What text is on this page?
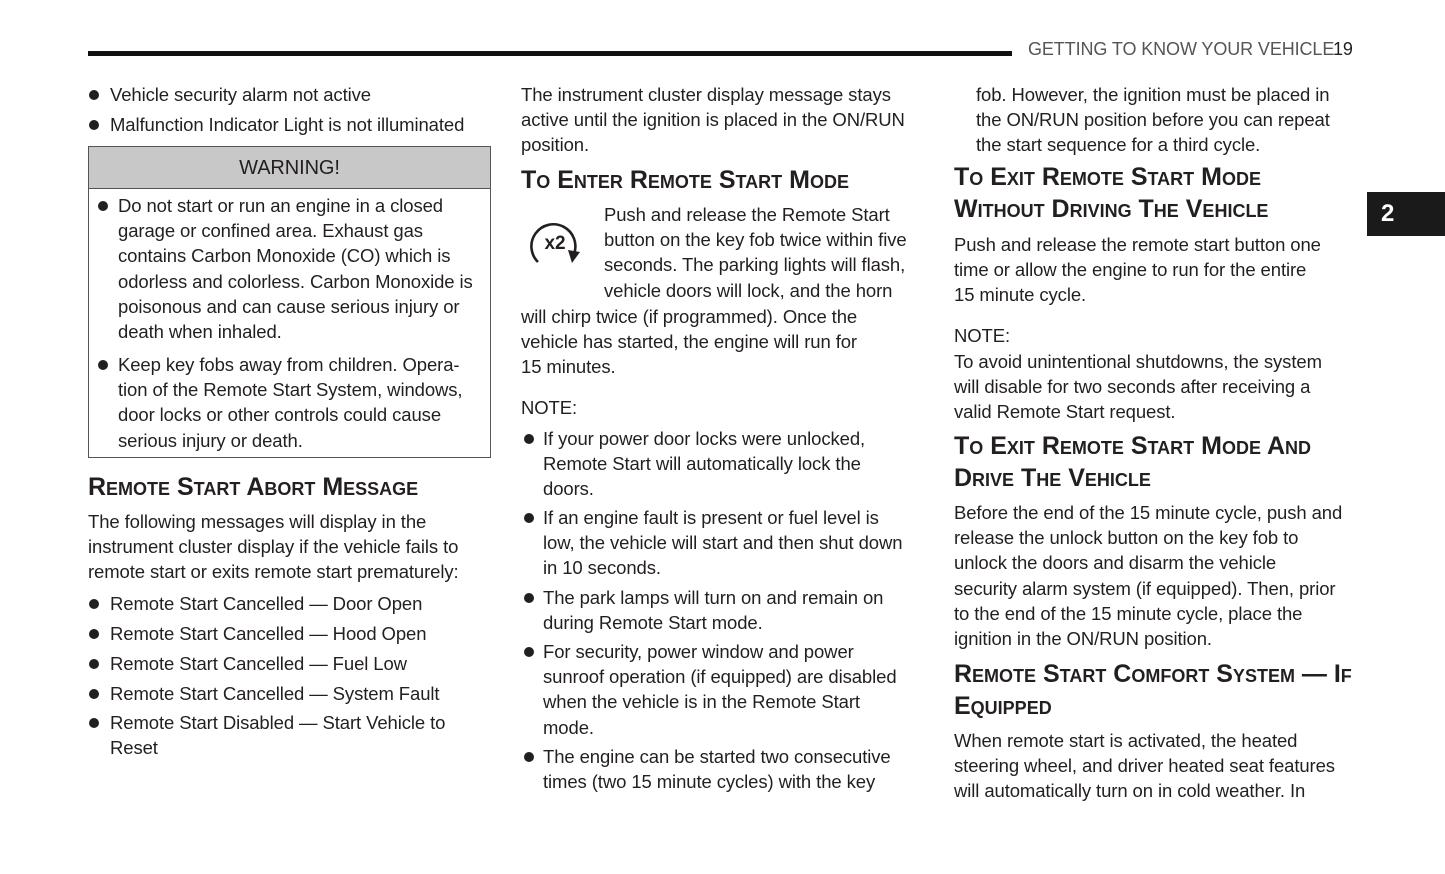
GETTING TO KNOW YOUR VEHICLE
19
2
Vehicle security alarm not active
Malfunction Indicator Light is not illuminated
WARNING!
Do not start or run an engine in a closed
garage or confined area. Exhaust gas
contains Carbon Monoxide (CO) which is
odorless and colorless. Carbon Monoxide is
poisonous and can cause serious injury or
death when inhaled.
Keep key fobs away from children. Opera-
tion of the Remote Start System, windows,
door locks or other controls could cause
serious injury or death.
Remote Start Abort Message
The following messages will display in the
instrument cluster display if the vehicle fails to
remote start or exits remote start prematurely:
Remote Start Cancelled — Door Open
Remote Start Cancelled — Hood Open
Remote Start Cancelled — Fuel Low
Remote Start Cancelled — System Fault
Remote Start Disabled — Start Vehicle to
Reset
The instrument cluster display message stays
active until the ignition is placed in the ON/RUN
position.
To Enter Remote Start Mode
x2
Push and release the Remote Start
button on the key fob twice within five
seconds. The parking lights will flash,
vehicle doors will lock, and the horn
will chirp twice (if programmed). Once the
vehicle has started, the engine will run for
15 minutes.
NOTE:
If your power door locks were unlocked,
Remote Start will automatically lock the
doors.
If an engine fault is present or fuel level is
low, the vehicle will start and then shut down
in 10 seconds.
The park lamps will turn on and remain on
during Remote Start mode.
For security, power window and power
sunroof operation (if equipped) are disabled
when the vehicle is in the Remote Start
mode.
The engine can be started two consecutive
times (two 15 minute cycles) with the key
fob. However, the ignition must be placed in
the ON/RUN position before you can repeat
the start sequence for a third cycle.
To Exit Remote Start Mode
Without Driving The Vehicle
Push and release the remote start button one
time or allow the engine to run for the entire
15 minute cycle.
NOTE:
To avoid unintentional shutdowns, the system
will disable for two seconds after receiving a
valid Remote Start request.
To Exit Remote Start Mode And
Drive The Vehicle
Before the end of the 15 minute cycle, push and
release the unlock button on the key fob to
unlock the doors and disarm the vehicle
security alarm system (if equipped). Then, prior
to the end of the 15 minute cycle, place the
ignition in the ON/RUN position.
Remote Start Comfort System — If
Equipped
When remote start is activated, the heated
steering wheel, and driver heated seat features
will automatically turn on in cold weather. In
